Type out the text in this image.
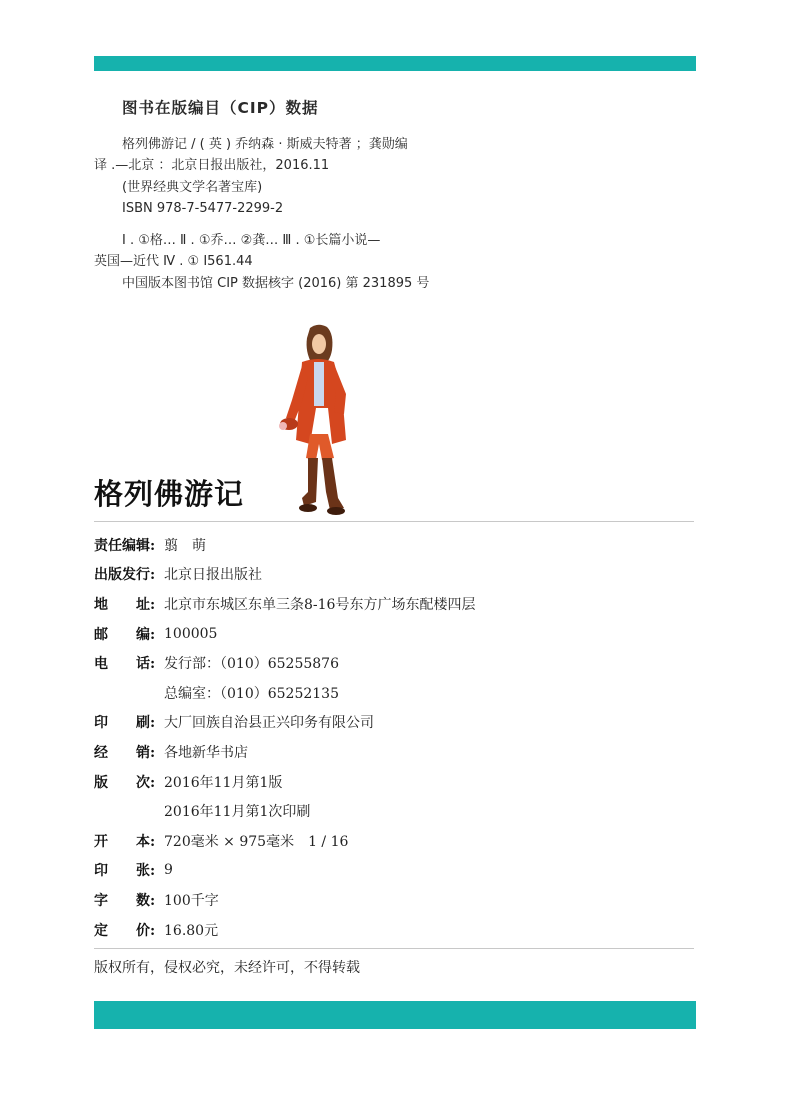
图书在版编目（CIP）数据
格列佛游记 / ( 英 ) 乔纳森 · 斯威夫特著 ；龚勋编
译 .—北京 ：北京日报出版社，2016.11
(世界经典文学名著宝库)
ISBN 978-7-5477-2299-2
Ⅰ . ①格… Ⅱ . ①乔… ②龚… Ⅲ . ①长篇小说—
英国—近代 Ⅳ . ① I561.44
中国版本图书馆 CIP 数据核字 (2016) 第 231895 号
格列佛游记
责任编辑: 翦　萌
出版发行: 北京日报出版社
地　　址: 北京市东城区东单三条8-16号东方广场东配楼四层
邮　　编: 100005
电　　话: 发行部：（010）65255876
总编室：（010）65252135
印　　刷: 大厂回族自治县正兴印务有限公司
经　　销: 各地新华书店
版　　次: 2016年11月第1版
2016年11月第1次印刷
开　　本: 720毫米 × 975毫米　1 / 16
印　　张: 9
字　　数: 100千字
定　　价: 16.80元
版权所有，侵权必究，未经许可，不得转载
